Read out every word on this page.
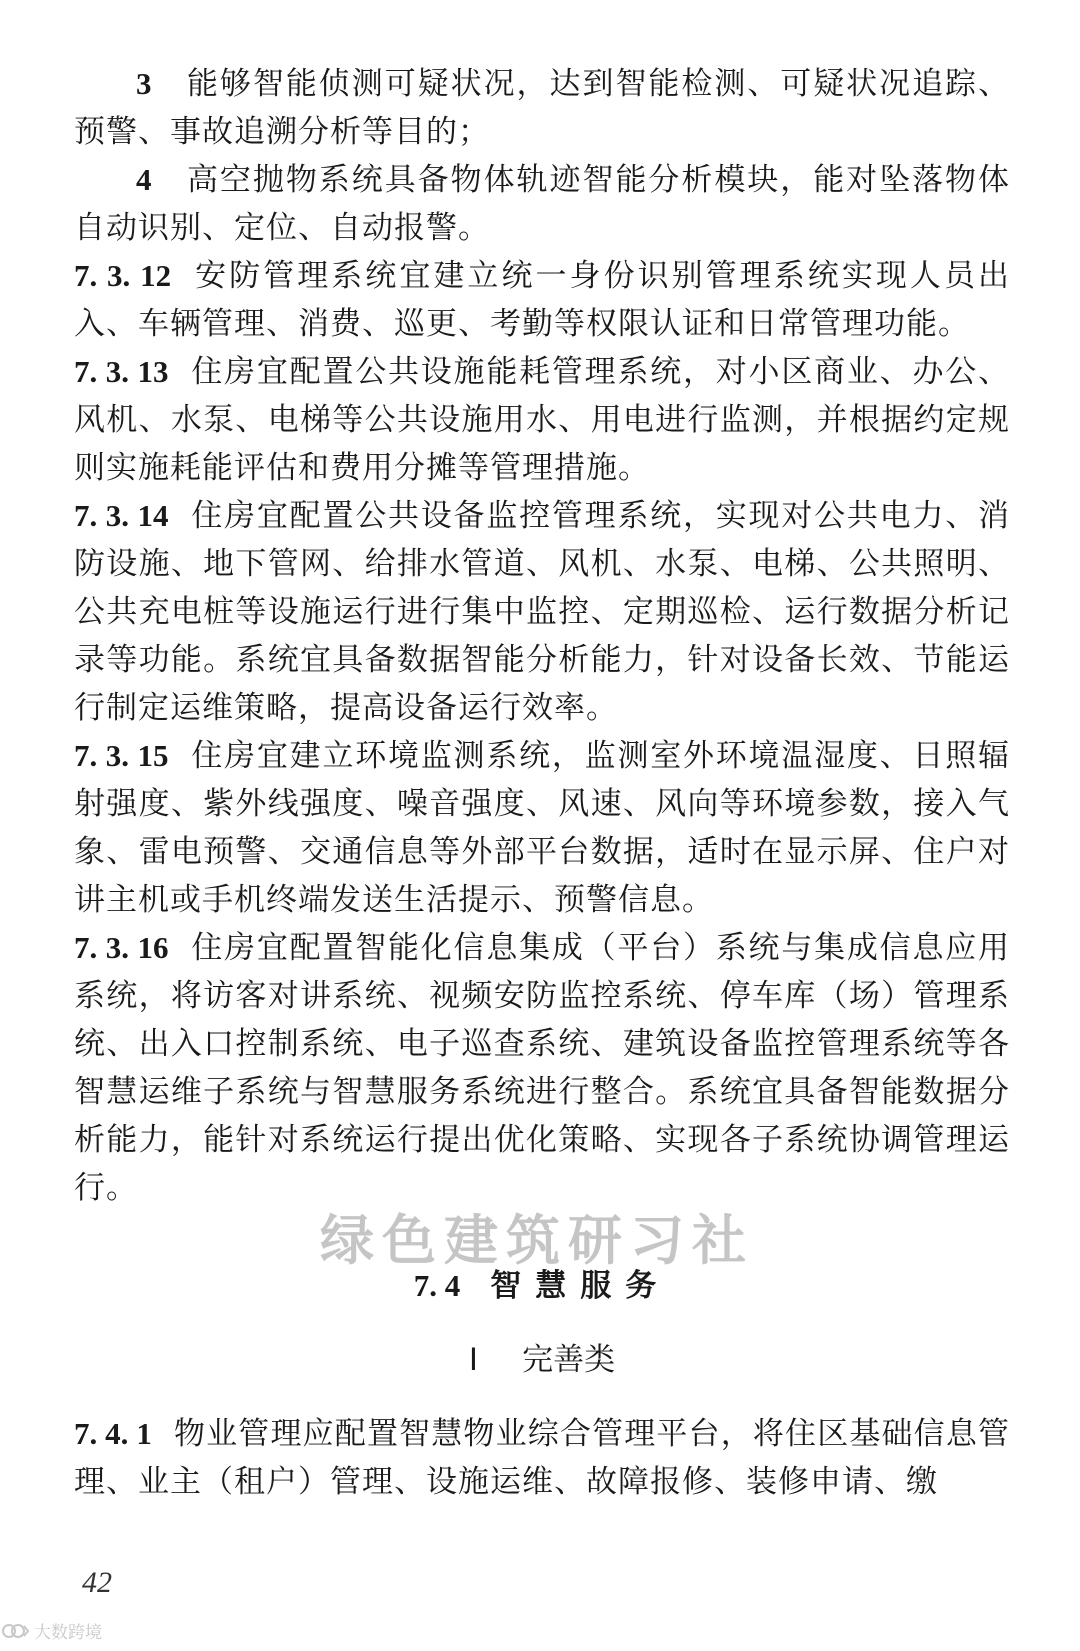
3 能够智能侦测可疑状况，达到智能检测、可疑状况追踪、预警、事故追溯分析等目的；

4 高空抛物系统具备物体轨迹智能分析模块，能对坠落物体自动识别、定位、自动报警。

7. 3. 12 安防管理系统宜建立统一身份识别管理系统实现人员出入、车辆管理、消费、巡更、考勤等权限认证和日常管理功能。

7. 3. 13 住房宜配置公共设施能耗管理系统，对小区商业、办公、风机、水泵、电梯等公共设施用水、用电进行监测，并根据约定规则实施耗能评估和费用分摊等管理措施。

7. 3. 14 住房宜配置公共设备监控管理系统，实现对公共电力、消防设施、地下管网、给排水管道、风机、水泵、电梯、公共照明、公共充电桩等设施运行进行集中监控、定期巡检、运行数据分析记录等功能。系统宜具备数据智能分析能力，针对设备长效、节能运行制定运维策略，提高设备运行效率。

7. 3. 15 住房宜建立环境监测系统，监测室外环境温湿度、日照辐射强度、紫外线强度、噪音强度、风速、风向等环境参数，接入气象、雷电预警、交通信息等外部平台数据，适时在显示屏、住户对讲主机或手机终端发送生活提示、预警信息。

7. 3. 16 住房宜配置智能化信息集成（平台）系统与集成信息应用系统，将访客对讲系统、视频安防监控系统、停车库（场）管理系统、出入口控制系统、电子巡查系统、建筑设备监控管理系统等各智慧运维子系统与智慧服务系统进行整合。系统宜具备智能数据分析能力，能针对系统运行提出优化策略、实现各子系统协调管理运行。

7. 4 智慧服务
Ⅰ 完善类

7. 4. 1 物业管理应配置智慧物业综合管理平台，将住区基础信息管理、业主（租户）管理、设施运维、故障报修、装修申请、缴

绿色建筑研习社
42
大数跨境
